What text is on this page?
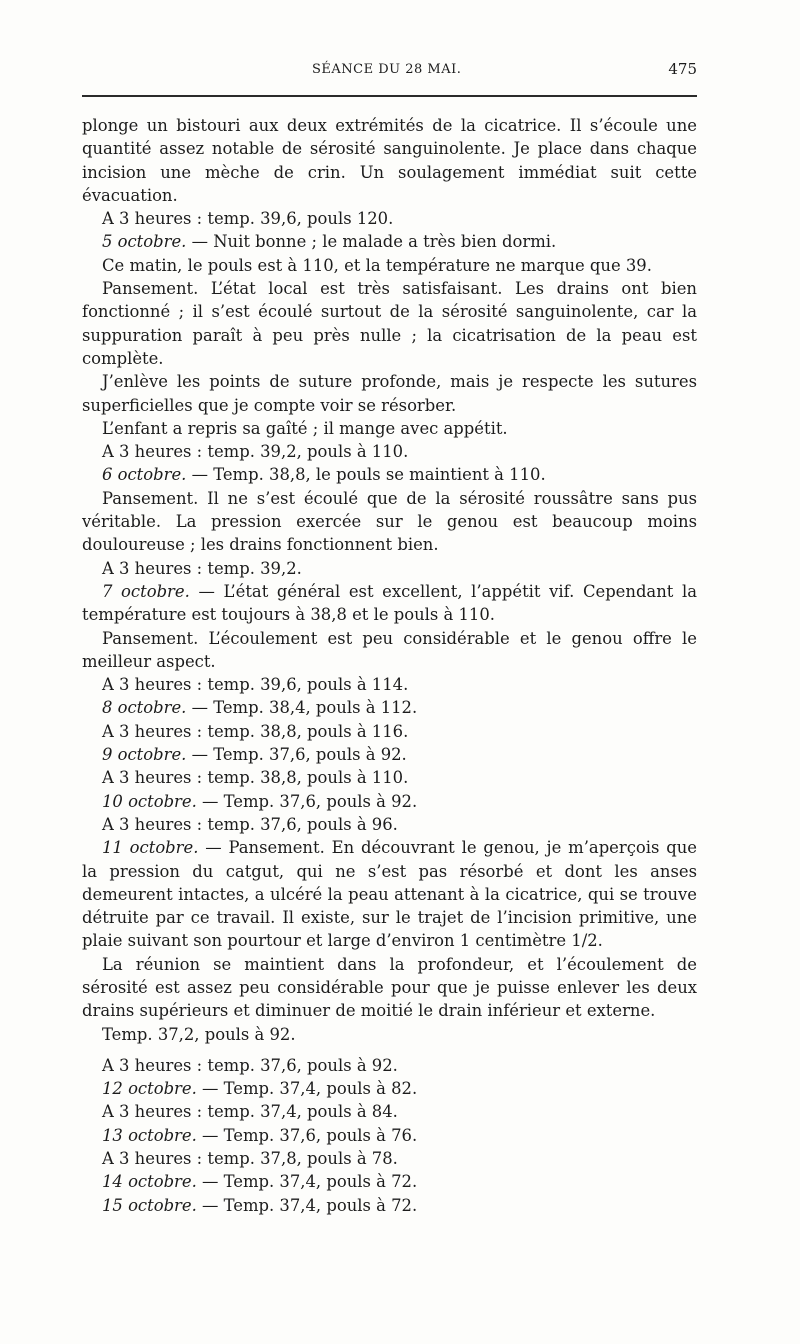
SÉANCE DU 28 MAI.	475

plonge un bistouri aux deux extrémités de la cicatrice. Il s’écoule une quantité assez notable de sérosité sanguinolente. Je place dans chaque incision une mèche de crin. Un soulagement immédiat suit cette évacuation.

A 3 heures : temp. 39,6, pouls 120.

5 octobre. — Nuit bonne ; le malade a très bien dormi.

Ce matin, le pouls est à 110, et la température ne marque que 39.

Pansement. L’état local est très satisfaisant. Les drains ont bien fonctionné ; il s’est écoulé surtout de la sérosité sanguinolente, car la suppuration paraît à peu près nulle ; la cicatrisation de la peau est complète.

J’enlève les points de suture profonde, mais je respecte les sutures superficielles que je compte voir se résorber.

L’enfant a repris sa gaîté ; il mange avec appétit.

A 3 heures : temp. 39,2, pouls à 110.

6 octobre. — Temp. 38,8, le pouls se maintient à 110.

Pansement. Il ne s’est écoulé que de la sérosité roussâtre sans pus véritable. La pression exercée sur le genou est beaucoup moins douloureuse ; les drains fonctionnent bien.

A 3 heures : temp. 39,2.

7 octobre. — L’état général est excellent, l’appétit vif. Cependant la température est toujours à 38,8 et le pouls à 110.

Pansement. L’écoulement est peu considérable et le genou offre le meilleur aspect.

A 3 heures : temp. 39,6, pouls à 114.

8 octobre. — Temp. 38,4, pouls à 112.

A 3 heures : temp. 38,8, pouls à 116.

9 octobre. — Temp. 37,6, pouls à 92.

A 3 heures : temp. 38,8, pouls à 110.

10 octobre. — Temp. 37,6, pouls à 92.

A 3 heures : temp. 37,6, pouls à 96.

11 octobre. — Pansement. En découvrant le genou, je m’aperçois que la pression du catgut, qui ne s’est pas résorbé et dont les anses demeurent intactes, a ulcéré la peau attenant à la cicatrice, qui se trouve détruite par ce travail. Il existe, sur le trajet de l’incision primitive, une plaie suivant son pourtour et large d’environ 1 centimètre 1/2.

La réunion se maintient dans la profondeur, et l’écoulement de sérosité est assez peu considérable pour que je puisse enlever les deux drains supérieurs et diminuer de moitié le drain inférieur et externe.

Temp. 37,2, pouls à 92.

A 3 heures : temp. 37,6, pouls à 92.

12 octobre. — Temp. 37,4, pouls à 82.

A 3 heures : temp. 37,4, pouls à 84.

13 octobre. — Temp. 37,6, pouls à 76.

A 3 heures : temp. 37,8, pouls à 78.

14 octobre. — Temp. 37,4, pouls à 72.

15 octobre. — Temp. 37,4, pouls à 72.
